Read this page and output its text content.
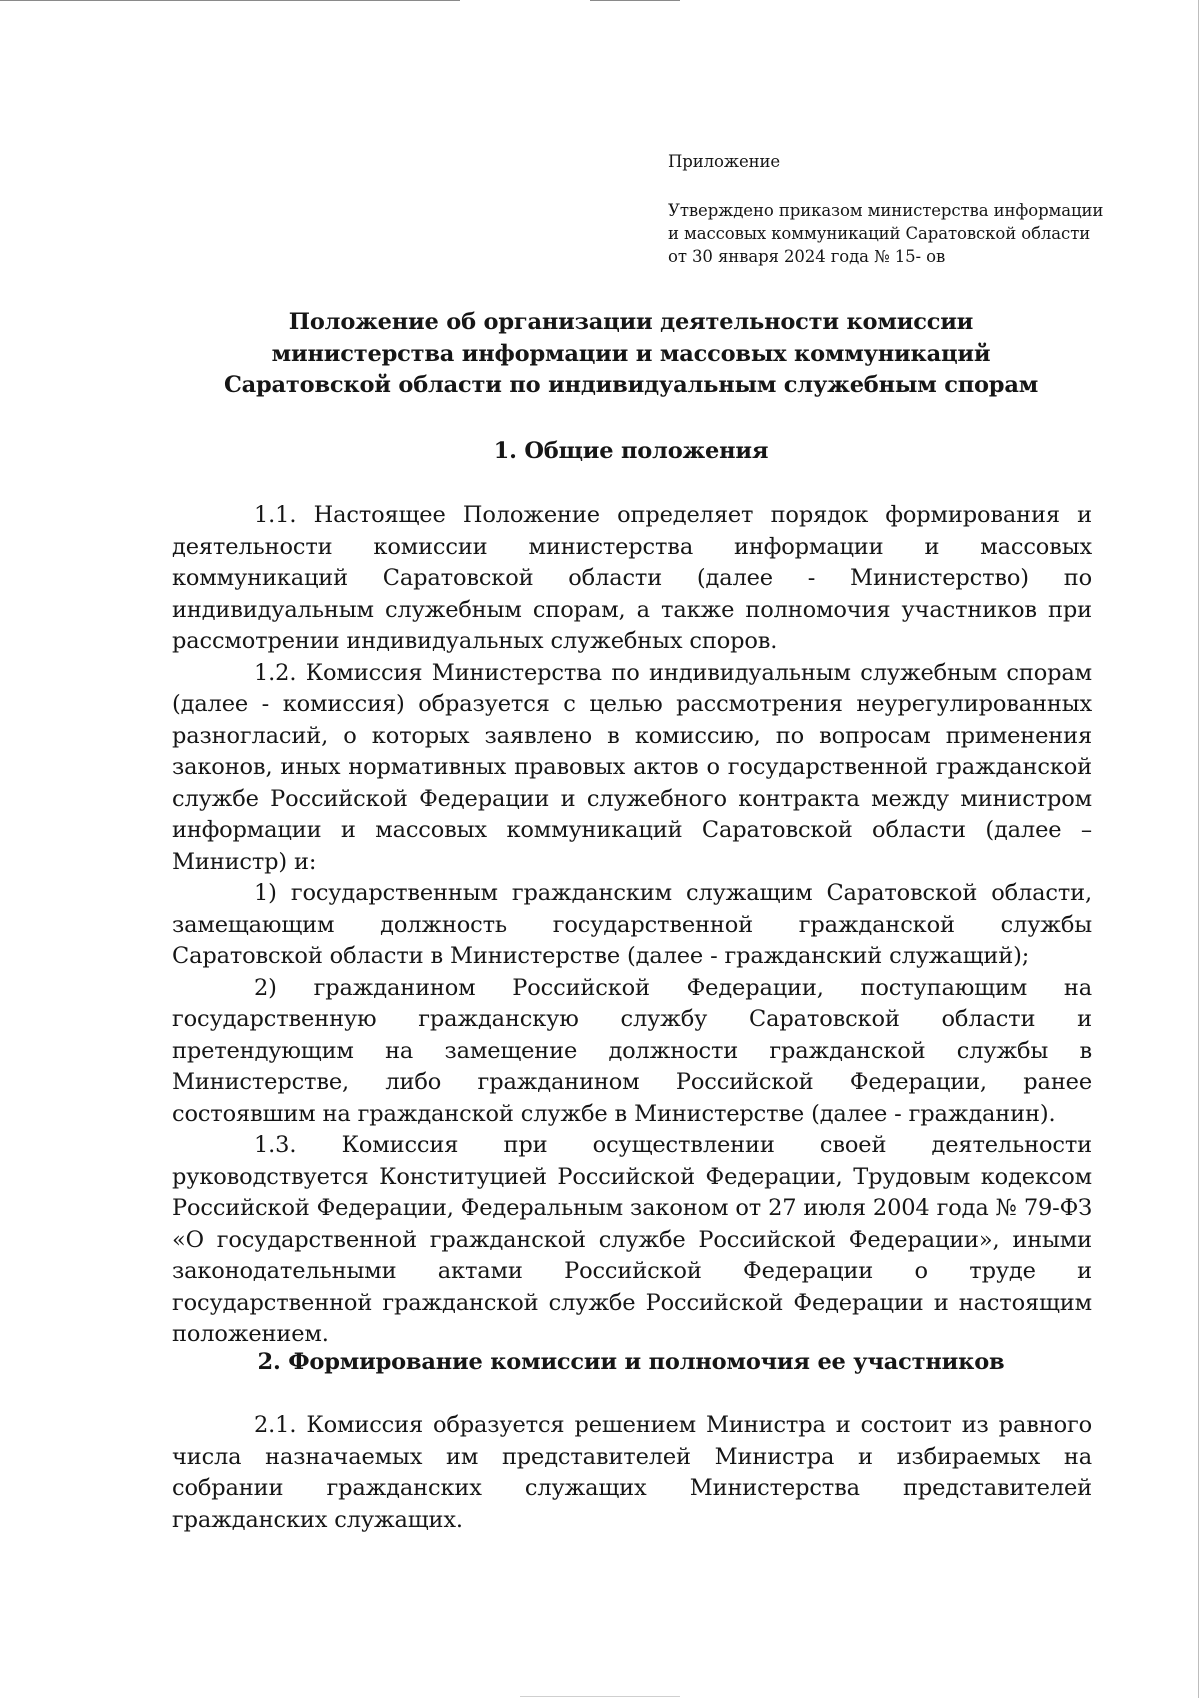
Приложение
Утверждено приказом министерства информации
и массовых коммуникаций Саратовской области
от 30 января 2024 года № 15- ов
Положение об организации деятельности комиссии
министерства информации и массовых коммуникаций
Саратовской области по индивидуальным служебным спорам
1. Общие положения

1.1. Настоящее Положение определяет порядок формирования и деятельности комиссии министерства информации и массовых коммуникаций Саратовской области (далее - Министерство) по индивидуальным служебным спорам, а также полномочия участников при рассмотрении индивидуальных служебных споров.

1.2. Комиссия Министерства по индивидуальным служебным спорам (далее - комиссия) образуется с целью рассмотрения неурегулированных разногласий, о которых заявлено в комиссию, по вопросам применения законов, иных нормативных правовых актов о государственной гражданской службе Российской Федерации и служебного контракта между министром информации и массовых коммуникаций Саратовской области (далее – Министр) и:

1) государственным гражданским служащим Саратовской области, замещающим должность государственной гражданской службы Саратовской области в Министерстве (далее - гражданский служащий);

2) гражданином Российской Федерации, поступающим на государственную гражданскую службу Саратовской области и претендующим на замещение должности гражданской службы в Министерстве, либо гражданином Российской Федерации, ранее состоявшим на гражданской службе в Министерстве (далее - гражданин).

1.3. Комиссия при осуществлении своей деятельности руководствуется Конституцией Российской Федерации, Трудовым кодексом Российской Федерации, Федеральным законом от 27 июля 2004 года № 79-ФЗ «О государственной гражданской службе Российской Федерации», иными законодательными актами Российской Федерации о труде и государственной гражданской службе Российской Федерации и настоящим положением.

2. Формирование комиссии и полномочия ее участников

2.1. Комиссия образуется решением Министра и состоит из равного числа назначаемых им представителей Министра и избираемых на собрании гражданских служащих Министерства представителей гражданских служащих.
